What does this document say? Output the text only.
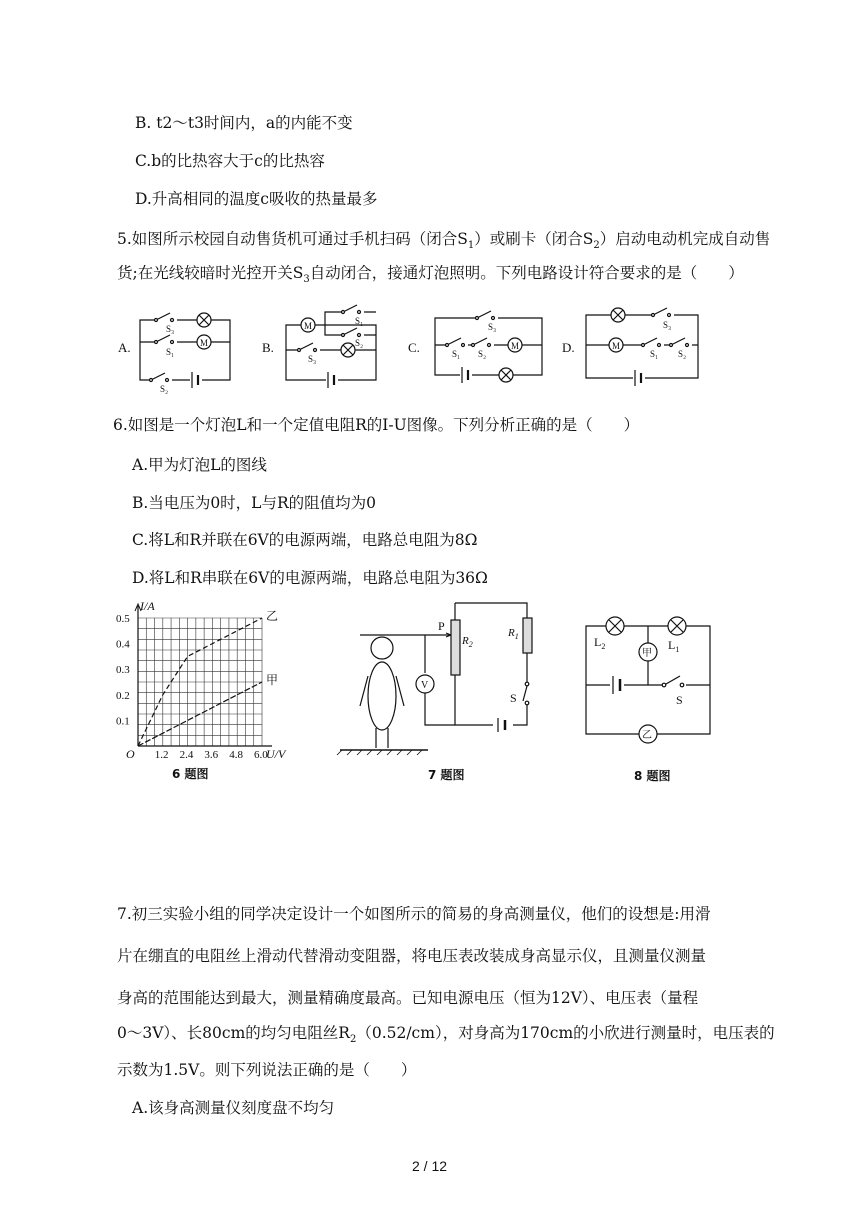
B. t2～t3时间内，a的内能不变
C.b的比热容大于c的比热容
D.升高相同的温度c吸收的热量最多
5.如图所示校园自动售货机可通过手机扫码（闭合$S_1$）或刷卡（闭合$S_2$）启动电动机完成自动售
货;在光线较暗时光控开关$S_3$自动闭合，接通灯泡照明。下列电路设计符合要求的是（　　）
A.
S₃
S₁
M
S₂
B.
M	S₁
S₂
S₃
C.
S₃
S₁ S₂
M	D.
S₃
M
S₁ S₂
6.如图是一个灯泡L和一个定值电阻R的I-U图像。下列分析正确的是（　　）
A.甲为灯泡L的图线
B.当电压为0时，L与R的阻值均为0
C.将L和R并联在6V的电源两端，电路总电阻为8Ω
D.将L和R串联在6V的电源两端，电路总电阻为36Ω
1.2 2.4 3.6 4.8 6.0
0.1
0.2
0.3
0.4
0.5
O
I/A
U/V
乙
甲
6 题图
P
$R_2$
$R_1$
S
V
7 题图
$L_2$	$L_1$
甲
乙
S
8 题图
7.初三实验小组的同学决定设计一个如图所示的简易的身高测量仪，他们的设想是:用滑
片在绷直的电阻丝上滑动代替滑动变阻器，将电压表改装成身高显示仪，且测量仪测量
身高的范围能达到最大，测量精确度最高。已知电源电压（恒为12V）、电压表（量程
0～3V）、长80cm的均匀电阻丝$R_2(0.52/cm)$，对身高为170cm的小欣进行测量时，电压表的
示数为1.5V。则下列说法正确的是（　　）
A.该身高测量仪刻度盘不均匀
2 / 12
